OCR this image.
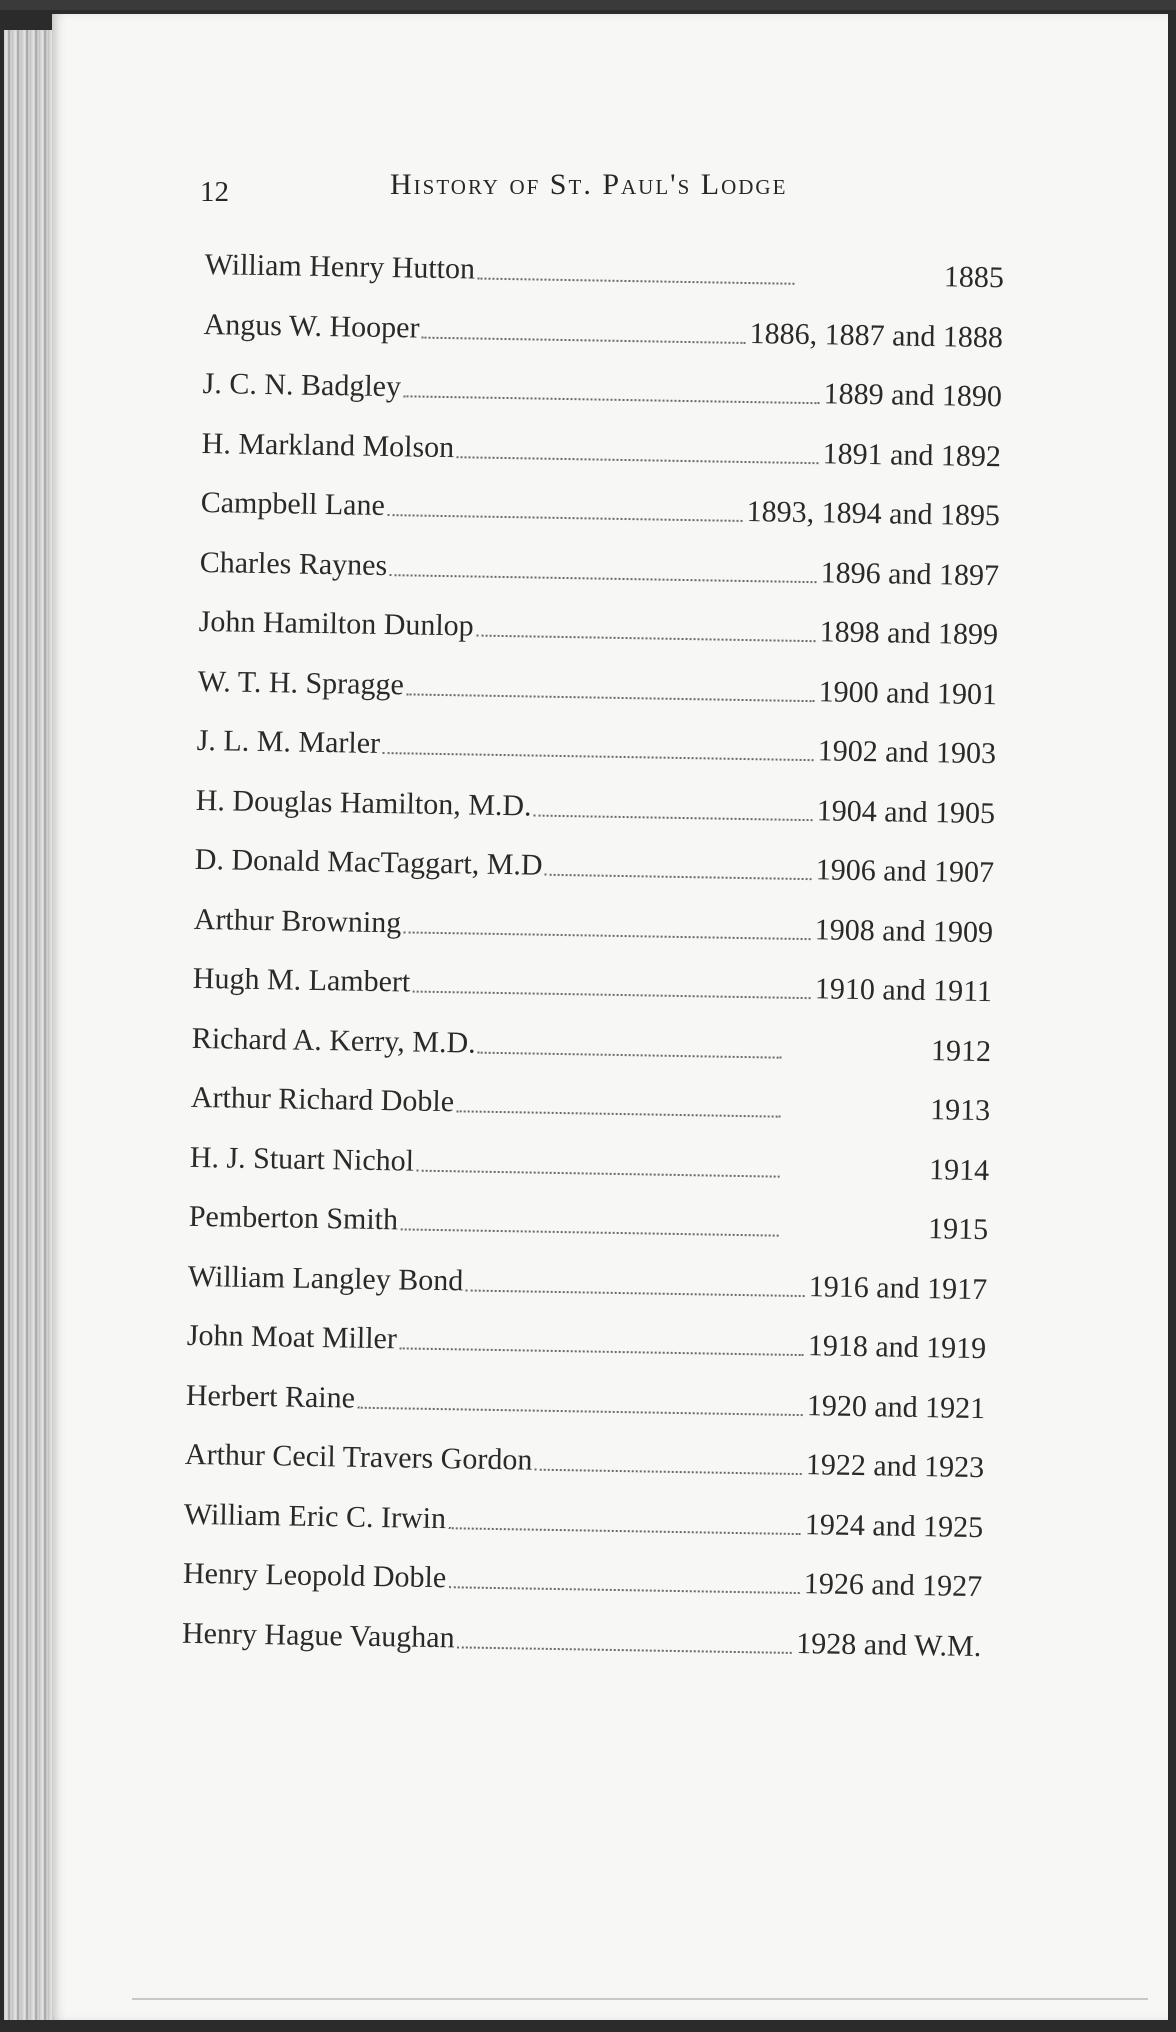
12	History of St. Paul's Lodge
William Henry Hutton	1885
Angus W. Hooper	1886, 1887 and 1888
J. C. N. Badgley	1889 and 1890
H. Markland Molson	1891 and 1892
Campbell Lane	1893, 1894 and 1895
Charles Raynes	1896 and 1897
John Hamilton Dunlop	1898 and 1899
W. T. H. Spragge	1900 and 1901
J. L. M. Marler	1902 and 1903
H. Douglas Hamilton, M.D.	1904 and 1905
D. Donald MacTaggart, M.D	1906 and 1907
Arthur Browning	1908 and 1909
Hugh M. Lambert	1910 and 1911
Richard A. Kerry, M.D.	1912
Arthur Richard Doble	1913
H. J. Stuart Nichol	1914
Pemberton Smith	1915
William Langley Bond	1916 and 1917
John Moat Miller	1918 and 1919
Herbert Raine	1920 and 1921
Arthur Cecil Travers Gordon	1922 and 1923
William Eric C. Irwin	1924 and 1925
Henry Leopold Doble	1926 and 1927
Henry Hague Vaughan	1928 and W.M.
